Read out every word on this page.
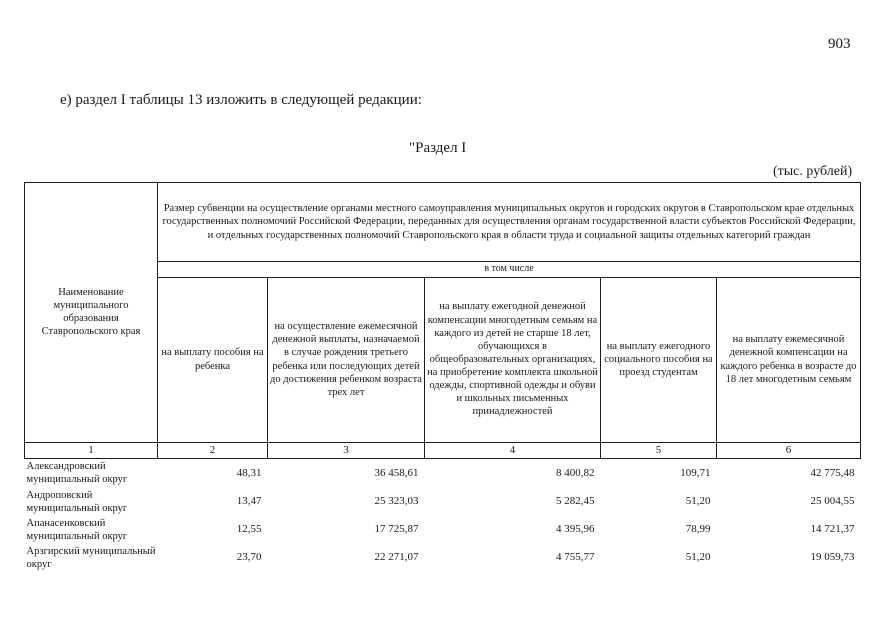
903
е) раздел I таблицы 13 изложить в следующей редакции:
"Раздел I
(тыс. рублей)
Наименование муниципального образования Ставропольского края	Размер субвенции на осуществление органами местного самоуправления муниципальных округов и городских округов в Ставропольском крае отдельных государственных полномочий Российской Федерации, переданных для осуществления органам государственной власти субъектов Российской Федерации, и отдельных государственных полномочий Ставропольского края в области труда и социальной защиты отдельных категорий граждан				
	в том числе				
	на выплату пособия на ребенка	на осуществление ежемесячной денежной выплаты, назначаемой в случае рождения третьего ребенка или последующих детей до достижения ребенком возраста трех лет	на выплату ежегодной денежной компенсации многодетным семьям на каждого из детей не старше 18 лет, обучающихся в общеобразовательных организациях, на приобретение комплекта школьной одежды, спортивной одежды и обуви и школьных письменных принадлежностей	на выплату ежегодного социального пособия на проезд студентам	на выплату ежемесячной денежной компенсации на каждого ребенка в возрасте до 18 лет многодетным семьям
1	2	3	4	5	6
Александровский муниципальный округ	48,31	36 458,61	8 400,82	109,71	42 775,48
Андроповский муниципальный округ	13,47	25 323,03	5 282,45	51,20	25 004,55
Апанасенковский муниципальный округ	12,55	17 725,87	4 395,96	78,99	14 721,37
Арзгирский муниципальный округ	23,70	22 271,07	4 755,77	51,20	19 059,73
